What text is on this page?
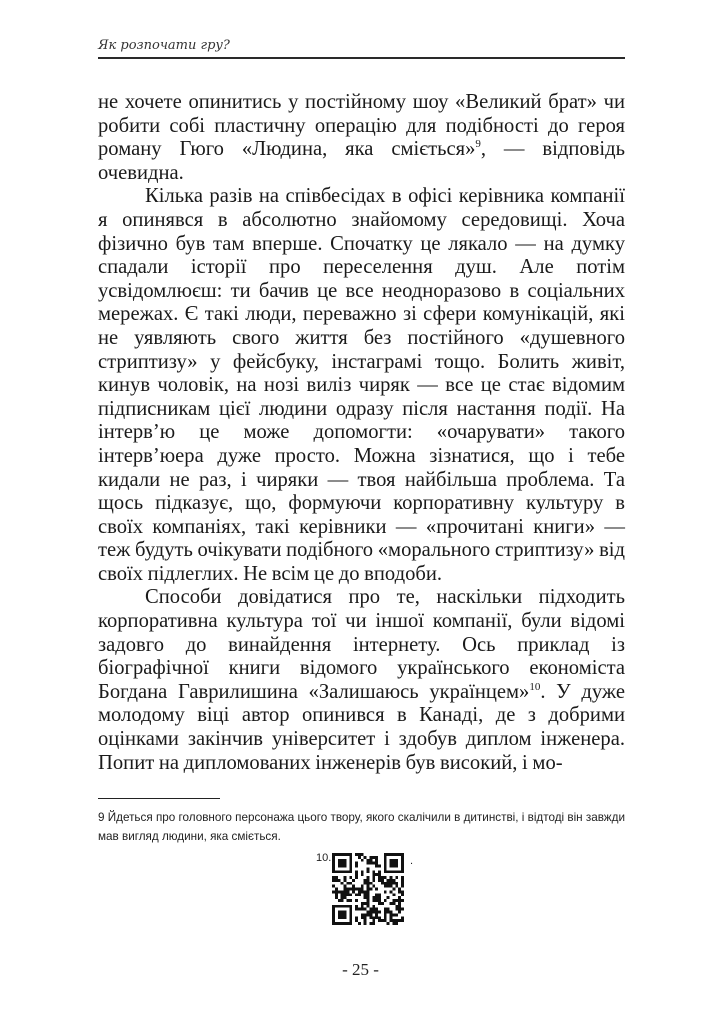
Як розпочати гру?

не хочете опинитись у постійному шоу «Великий брат» чи робити собі пластичну операцію для подібності до героя роману Гюго «Людина, яка сміється»$^9$, — відповідь очевидна.

Кілька разів на співбесідах в офісі керівника компанії я опинявся в абсолютно знайомому середовищі. Хоча фізично був там вперше. Спочатку це лякало — на думку спадали історії про переселення душ. Але потім усвідомлюєш: ти бачив це все неодноразово в соціальних мережах. Є такі люди, переважно зі сфери комунікацій, які не уявляють свого життя без постійного «душевного стриптизу» у фейсбуку, інстаграмі тощо. Болить живіт, кинув чоловік, на нозі вилiз чиряк — все це стає відомим підписникам цієї людини одразу після настання події. На інтерв’ю це може допомогти: «очарувати» такого інтерв’юера дуже просто. Можна зізнатися, що і тебе кидали не раз, і чиряки — твоя найбільша проблема. Та щось підказує, що, формуючи корпоративну культуру в своїх компаніях, такі керівники — «прочитані книги» — теж будуть очікувати подібного «морального стриптизу» від своїх підлеглих. Не всім це до вподоби.

Способи довідатися про те, наскільки підходить корпоративна культура тої чи іншої компанії, були відомі задовго до винайдення інтернету. Ось приклад із біографічної книги відомого українського економіста Богдана Гаврилишина «Залишаюсь українцем»$^{10}$. У дуже молодому віці автор опинився в Канаді, де з добрими оцінками закінчив університет і здобув диплом інженера. Попит на дипломованих інженерів був високий, і мо-

9 Йдеться про головного персонажа цього твору, якого скалічили в дитинстві, і відтоді він завжди мав вигляд людини, яка сміється.
10.	.
- 25 -
